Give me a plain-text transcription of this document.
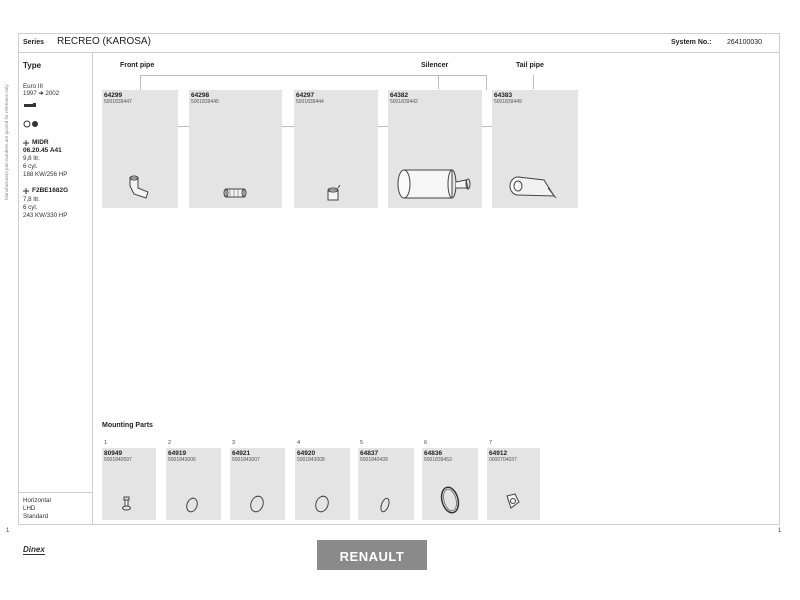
Series RECREO (KAROSA)	System No.: 264100030
Manufacturers part numbers are quoted for reference only
Type
Euro III
1997 ➔ 2002
MIDR
06.20.45 A41
9,8 ltr.
6 cyl.
188 KW/256 HP
F2BE1682G
7,8 ltr.
6 cyl.
243 KW/330 HP
Horizontal
LHD
Standard
Front pipe	Silencer	Tail pipe
64299
5001839447
64298
5001839445
64297
5001839444
64382
5001839442
64383
5001839449
Mounting Parts
1
80949
5001840597
2
64919
5001843006
3
64921
5001843007
4
64920
5001843008
5
64837
5001840439
6
64836
5001839453
7
64912
0000704037
1
1
Dinex	RENAULT
